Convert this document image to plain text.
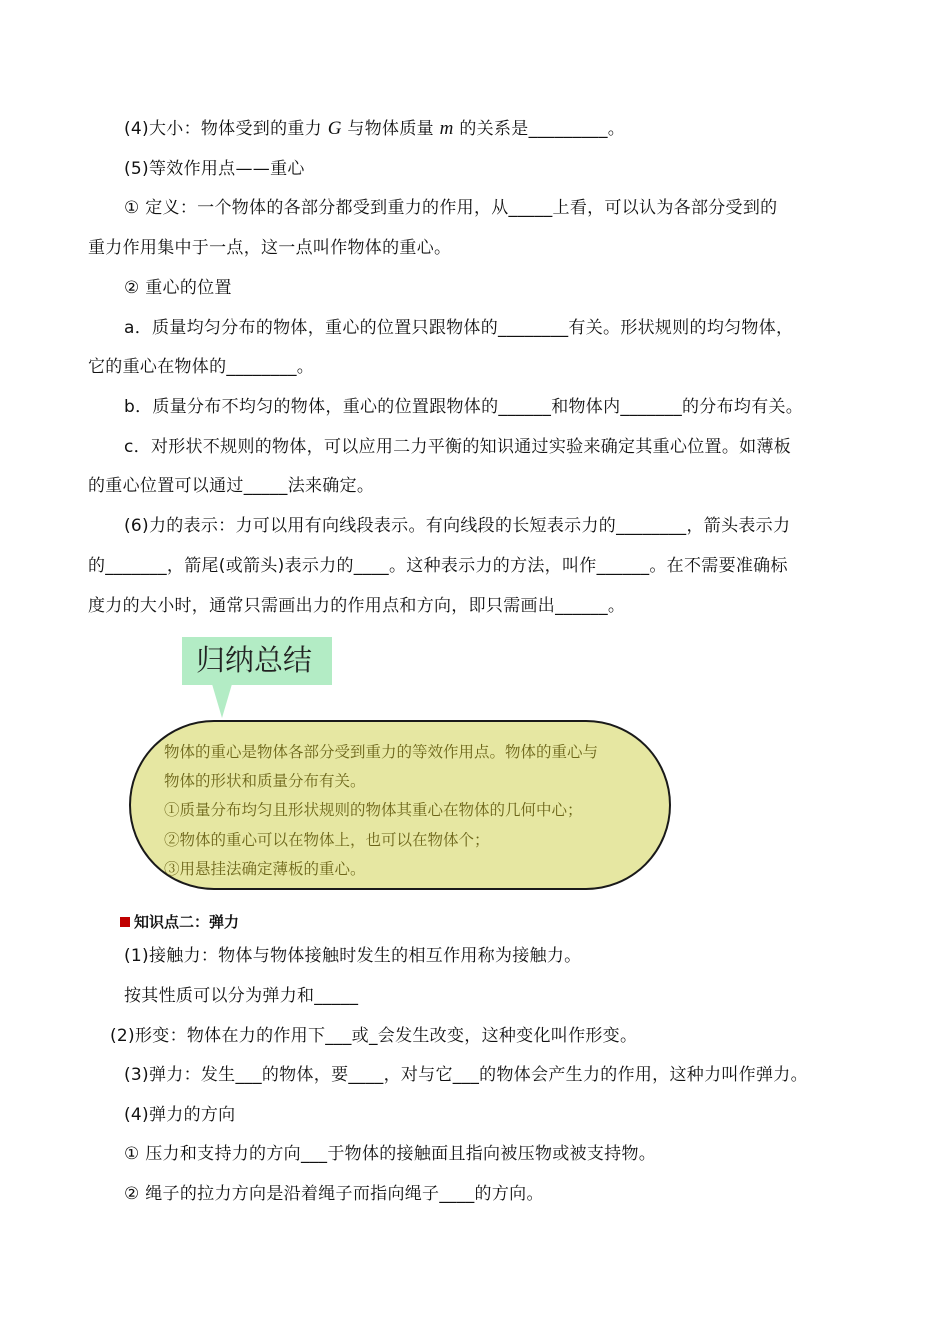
(4)大小：物体受到的重力 G 与物体质量 m 的关系是_________。
(5)等效作用点——重心
① 定义：一个物体的各部分都受到重力的作用，从_____上看，可以认为各部分受到的
重力作用集中于一点，这一点叫作物体的重心。
② 重心的位置
a．质量均匀分布的物体，重心的位置只跟物体的________有关。形状规则的均匀物体，
它的重心在物体的________。
b．质量分布不均匀的物体，重心的位置跟物体的______和物体内_______的分布均有关。
c．对形状不规则的物体，可以应用二力平衡的知识通过实验来确定其重心位置。如薄板
的重心位置可以通过_____法来确定。
(6)力的表示：力可以用有向线段表示。有向线段的长短表示力的________，箭头表示力
的_______，箭尾(或箭头)表示力的____。这种表示力的方法，叫作______。在不需要准确标
度力的大小时，通常只需画出力的作用点和方向，即只需画出______。
归纳总结
物体的重心是物体各部分受到重力的等效作用点。物体的重心与
物体的形状和质量分布有关。
①质量分布均匀且形状规则的物体其重心在物体的几何中心；
②物体的重心可以在物体上，也可以在物体个；
③用悬挂法确定薄板的重心。
知识点二：弹力
(1)接触力：物体与物体接触时发生的相互作用称为接触力。
按其性质可以分为弹力和_____
(2)形变：物体在力的作用下___或_会发生改变，这种变化叫作形变。
(3)弹力：发生___的物体，要____，对与它___的物体会产生力的作用，这种力叫作弹力。
(4)弹力的方向
① 压力和支持力的方向___于物体的接触面且指向被压物或被支持物。
② 绳子的拉力方向是沿着绳子而指向绳子____的方向。
